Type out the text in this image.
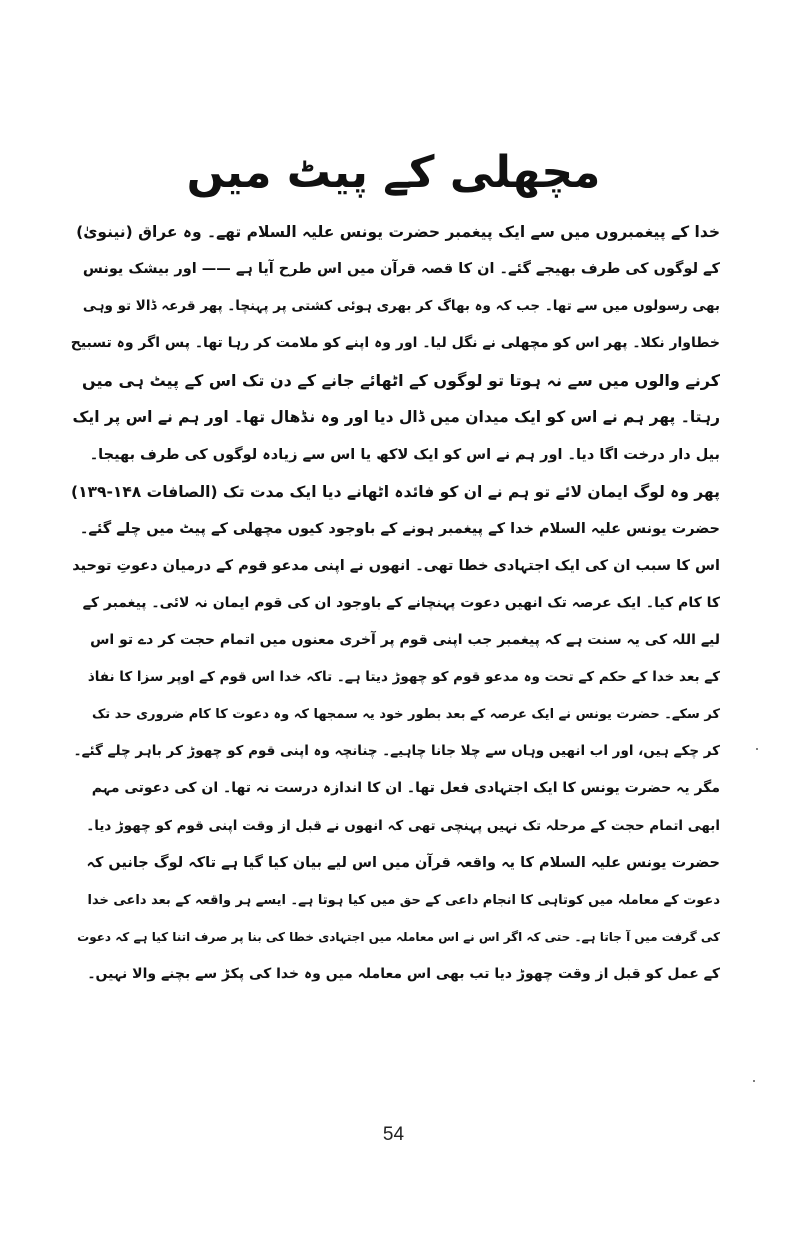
مچھلی کے پیٹ میں
خدا کے پیغمبروں میں سے ایک پیغمبر حضرت یونس علیہ السلام تھے۔ وہ عراق (نینویٰ)
کے لوگوں کی طرف بھیجے گئے۔ ان کا قصہ قرآن میں اس طرح آیا ہے —— اور بیشک یونس
بھی رسولوں میں سے تھا۔ جب کہ وہ بھاگ کر بھری ہوئی کشتی پر پہنچا۔ پھر قرعہ ڈالا تو وہی
خطاوار نکلا۔ پھر اس کو مچھلی نے نگل لیا۔ اور وہ اپنے کو ملامت کر رہا تھا۔ پس اگر وہ تسبیح
کرنے والوں میں سے نہ ہوتا تو لوگوں کے اٹھائے جانے کے دن تک اس کے پیٹ ہی میں
رہتا۔ پھر ہم نے اس کو ایک میدان میں ڈال دیا اور وہ نڈھال تھا۔ اور ہم نے اس پر ایک
بیل دار درخت اگا دیا۔ اور ہم نے اس کو ایک لاکھ یا اس سے زیادہ لوگوں کی طرف بھیجا۔
پھر وہ لوگ ایمان لائے تو ہم نے ان کو فائدہ اٹھانے دیا ایک مدت تک (الصافات ۱۴۸-۱۳۹)
حضرت یونس علیہ السلام خدا کے پیغمبر ہونے کے باوجود کیوں مچھلی کے پیٹ میں چلے گئے۔
اس کا سبب ان کی ایک اجتہادی خطا تھی۔ انھوں نے اپنی مدعو قوم کے درمیان دعوتِ توحید
کا کام کیا۔ ایک عرصہ تک انھیں دعوت پہنچانے کے باوجود ان کی قوم ایمان نہ لائی۔ پیغمبر کے
لیے اللہ کی یہ سنت ہے کہ پیغمبر جب اپنی قوم پر آخری معنوں میں اتمام حجت کر دے تو اس
کے بعد خدا کے حکم کے تحت وہ مدعو قوم کو چھوڑ دیتا ہے۔ تاکہ خدا اس قوم کے اوپر سزا کا نفاذ
کر سکے۔ حضرت یونس نے ایک عرصہ کے بعد بطور خود یہ سمجھا کہ وہ دعوت کا کام ضروری حد تک
کر چکے ہیں، اور اب انھیں وہاں سے چلا جانا چاہیے۔ چنانچہ وہ اپنی قوم کو چھوڑ کر باہر چلے گئے۔
مگر یہ حضرت یونس کا ایک اجتہادی فعل تھا۔ ان کا اندازہ درست نہ تھا۔ ان کی دعوتی مہم
ابھی اتمام حجت کے مرحلہ تک نہیں پہنچی تھی کہ انھوں نے قبل از وقت اپنی قوم کو چھوڑ دیا۔
حضرت یونس علیہ السلام کا یہ واقعہ قرآن میں اس لیے بیان کیا گیا ہے تاکہ لوگ جانیں کہ
دعوت کے معاملہ میں کوتاہی کا انجام داعی کے حق میں کیا ہوتا ہے۔ ایسے ہر واقعہ کے بعد داعی خدا
کی گرفت میں آ جاتا ہے۔ حتی کہ اگر اس نے اس معاملہ میں اجتہادی خطا کی بنا پر صرف اتنا کیا ہے کہ دعوت
کے عمل کو قبل از وقت چھوڑ دیا تب بھی اس معاملہ میں وہ خدا کی پکڑ سے بچنے والا نہیں۔
54
